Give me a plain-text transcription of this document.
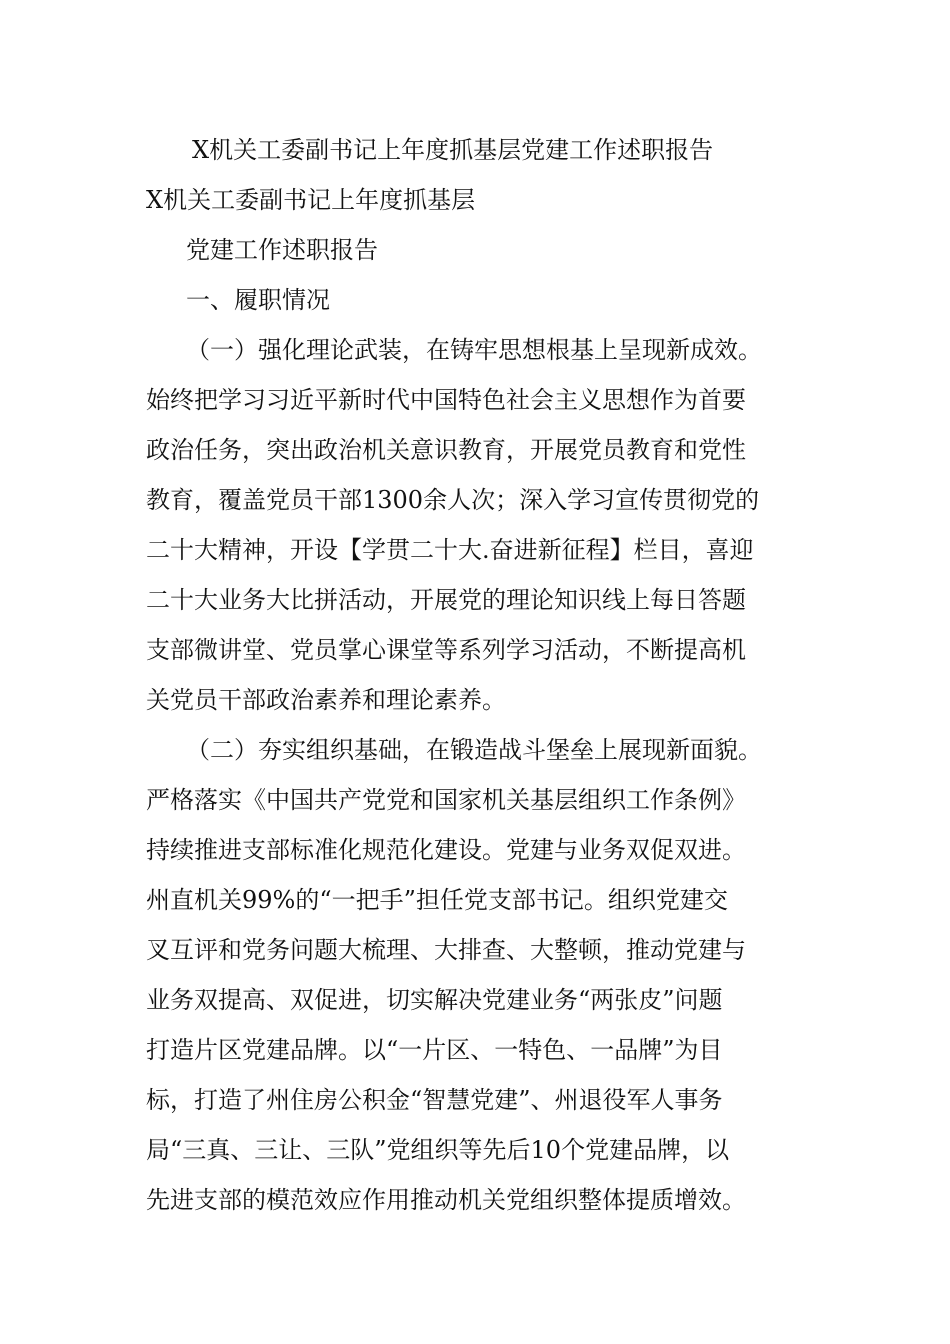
X机关工委副书记上年度抓基层党建工作述职报告
X机关工委副书记上年度抓基层
党建工作述职报告
一、履职情况
（一）强化理论武装，在铸牢思想根基上呈现新成效。
始终把学习习近平新时代中国特色社会主义思想作为首要
政治任务，突出政治机关意识教育，开展党员教育和党性
教育，覆盖党员干部1300余人次；深入学习宣传贯彻党的
二十大精神，开设【学贯二十大.奋进新征程】栏目，喜迎
二十大业务大比拼活动，开展党的理论知识线上每日答题
支部微讲堂、党员掌心课堂等系列学习活动，不断提高机
关党员干部政治素养和理论素养。
（二）夯实组织基础，在锻造战斗堡垒上展现新面貌。
严格落实《中国共产党党和国家机关基层组织工作条例》
持续推进支部标准化规范化建设。党建与业务双促双进。
州直机关99%的“一把手”担任党支部书记。组织党建交
叉互评和党务问题大梳理、大排查、大整顿，推动党建与
业务双提高、双促进，切实解决党建业务“两张皮”问题
打造片区党建品牌。以“一片区、一特色、一品牌”为目
标，打造了州住房公积金“智慧党建”、州退役军人事务
局“三真、三让、三队”党组织等先后10个党建品牌，以
先进支部的模范效应作用推动机关党组织整体提质增效。
